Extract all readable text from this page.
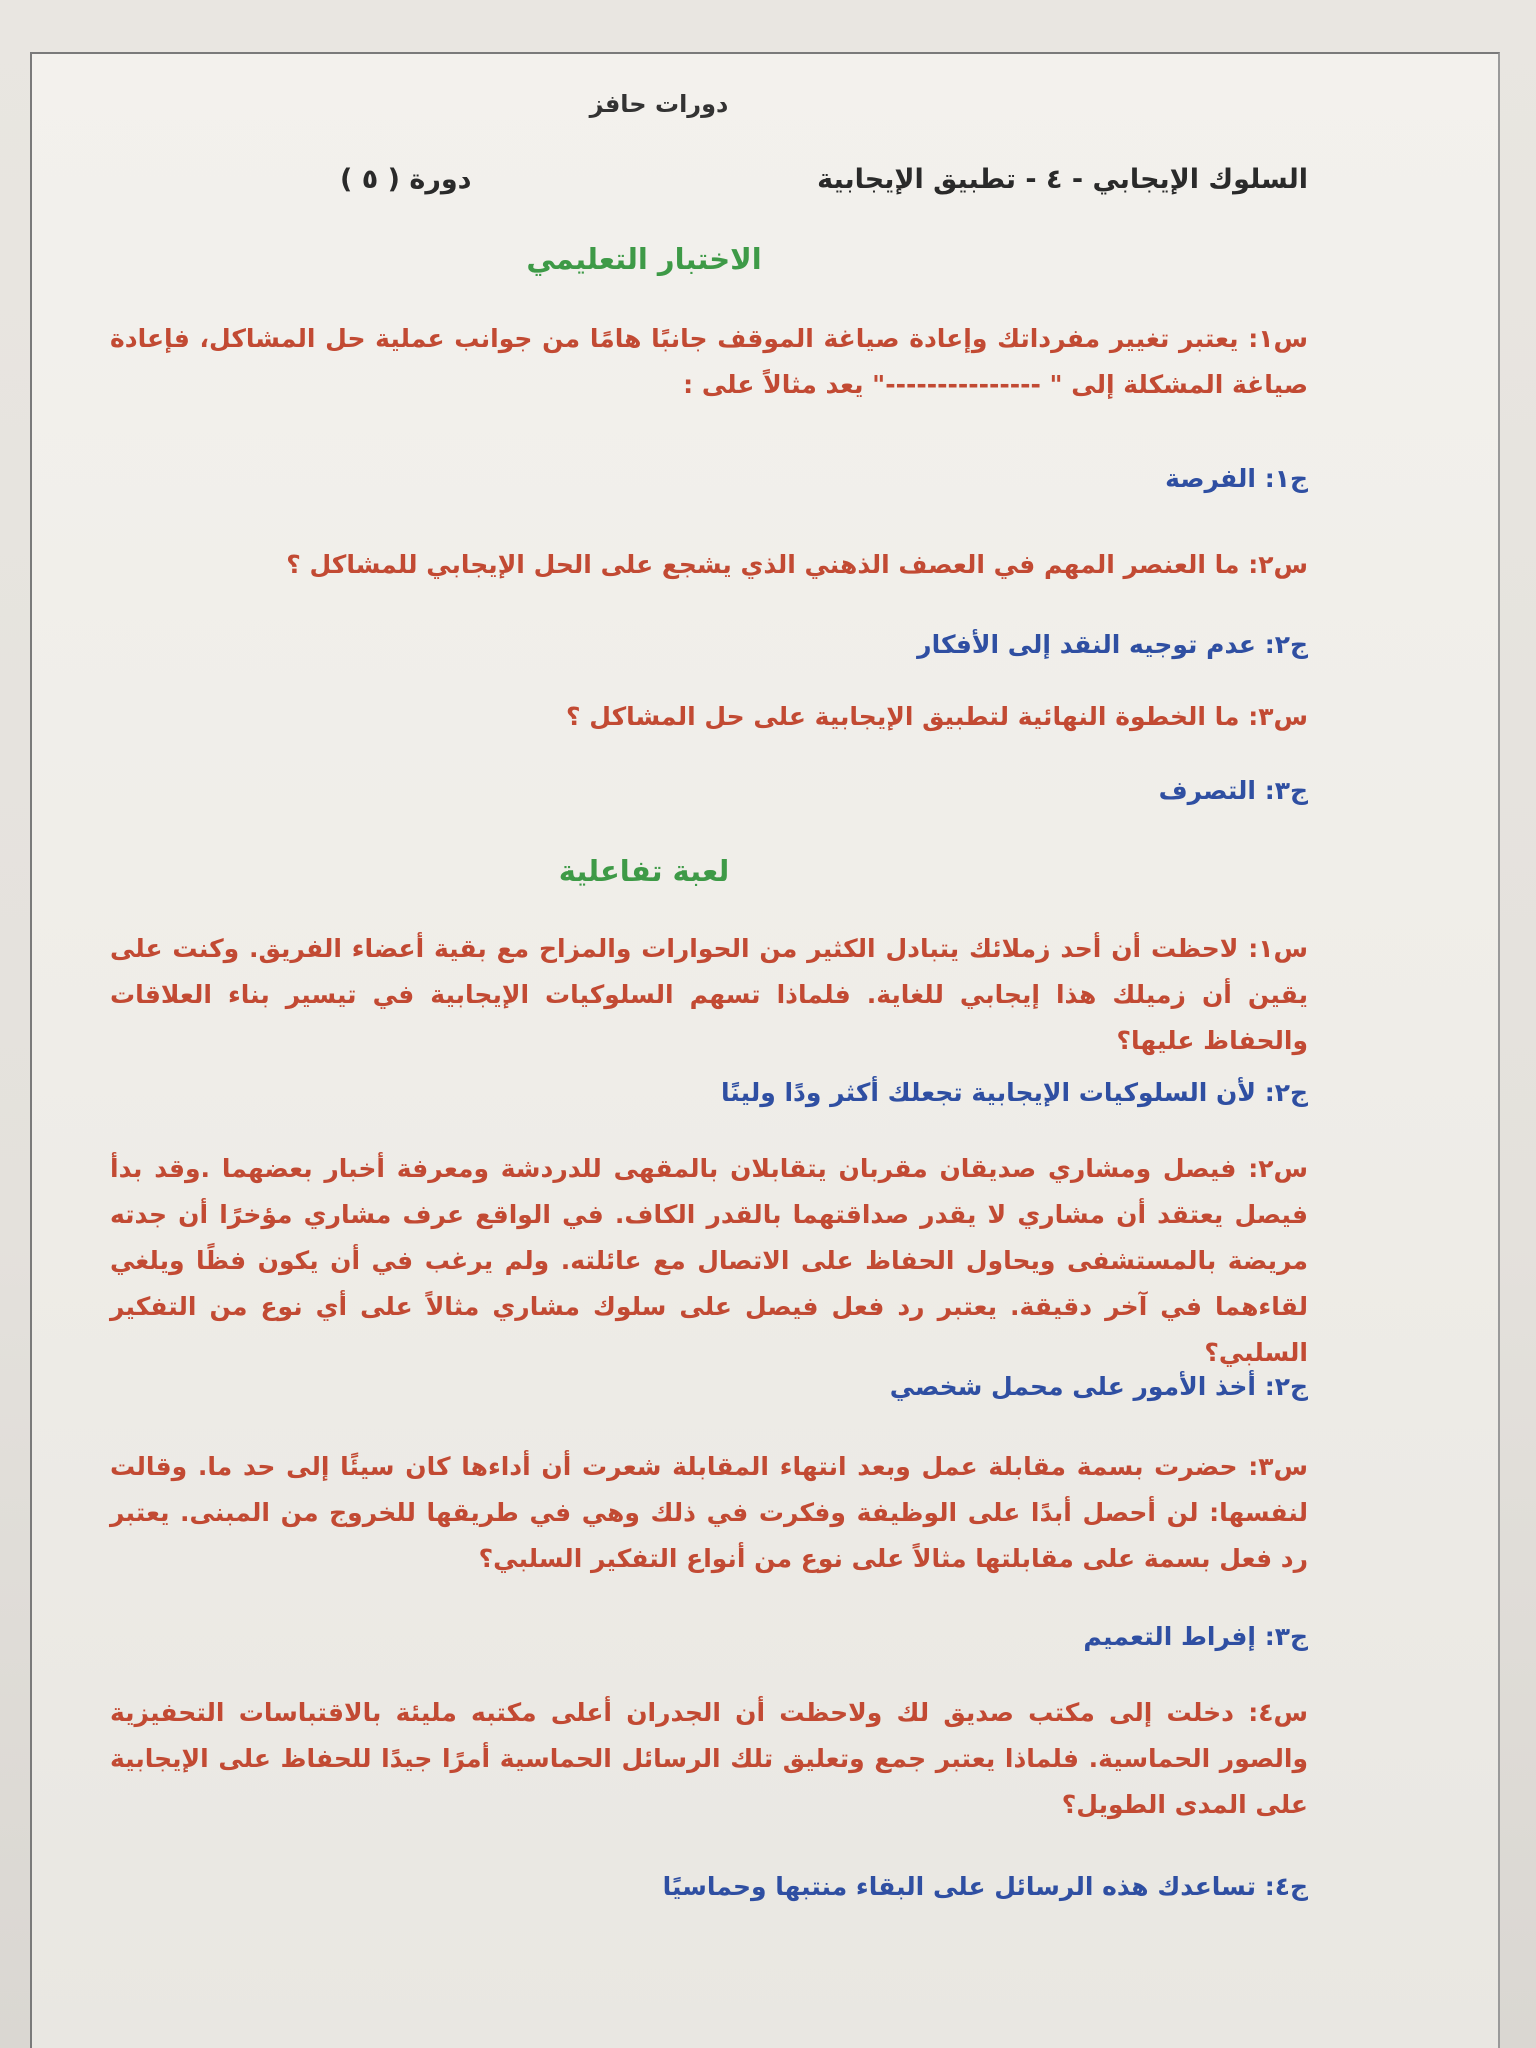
دورات حافز
السلوك الإيجابي - ٤ - تطبيق الإيجابية
دورة ( ٥ )
الاختبار التعليمي
س١: يعتبر تغيير مفرداتك وإعادة صياغة الموقف جانبًا هامًا من جوانب عملية حل المشاكل، فإعادة صياغة المشكلة إلى " ---------------" يعد مثالاً على :
ج١: الفرصة
س٢: ما العنصر المهم في العصف الذهني الذي يشجع على الحل الإيجابي للمشاكل ؟
ج٢: عدم توجيه النقد إلى الأفكار
س٣: ما الخطوة النهائية لتطبيق الإيجابية على حل المشاكل ؟
ج٣: التصرف
لعبة تفاعلية
س١: لاحظت أن أحد زملائك يتبادل الكثير من الحوارات والمزاح مع بقية أعضاء الفريق. وكنت على يقين أن زميلك هذا إيجابي للغاية. فلماذا تسهم السلوكيات الإيجابية في تيسير بناء العلاقات والحفاظ عليها؟
ج٢: لأن السلوكيات الإيجابية تجعلك أكثر ودًا ولينًا
س٢: فيصل ومشاري صديقان مقربان يتقابلان بالمقهى للدردشة ومعرفة أخبار بعضهما .وقد بدأ فيصل يعتقد أن مشاري لا يقدر صداقتهما بالقدر الكاف. في الواقع عرف مشاري مؤخرًا أن جدته مريضة بالمستشفى ويحاول الحفاظ على الاتصال مع عائلته. ولم يرغب في أن يكون فظًا ويلغي لقاءهما في آخر دقيقة. يعتبر رد فعل فيصل على سلوك مشاري مثالاً على أي نوع من التفكير السلبي؟
ج٢: أخذ الأمور على محمل شخصي
س٣: حضرت بسمة مقابلة عمل وبعد انتهاء المقابلة شعرت أن أداءها كان سيئًا إلى حد ما. وقالت لنفسها: لن أحصل أبدًا على الوظيفة وفكرت في ذلك وهي في طريقها للخروج من المبنى. يعتبر رد فعل بسمة على مقابلتها مثالاً على نوع من أنواع التفكير السلبي؟
ج٣: إفراط التعميم
س٤: دخلت إلى مكتب صديق لك ولاحظت أن الجدران أعلى مكتبه مليئة بالاقتباسات التحفيزية والصور الحماسية. فلماذا يعتبر جمع وتعليق تلك الرسائل الحماسية أمرًا جيدًا للحفاظ على الإيجابية على المدى الطويل؟
ج٤: تساعدك هذه الرسائل على البقاء منتبها وحماسيًا
